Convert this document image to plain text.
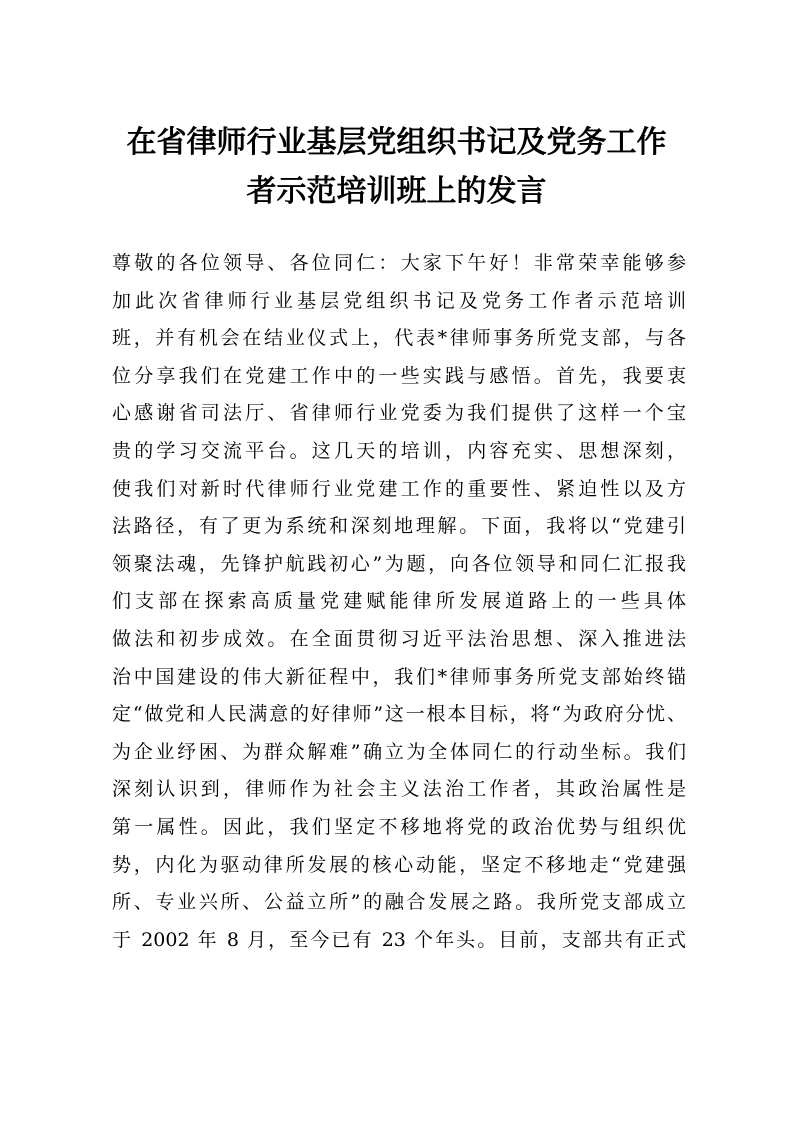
在省律师行业基层党组织书记及党务工作
者示范培训班上的发言
尊敬的各位领导、各位同仁：大家下午好！非常荣幸能够参
加此次省律师行业基层党组织书记及党务工作者示范培训
班，并有机会在结业仪式上，代表*律师事务所党支部，与各
位分享我们在党建工作中的一些实践与感悟。首先，我要衷
心感谢省司法厅、省律师行业党委为我们提供了这样一个宝
贵的学习交流平台。这几天的培训，内容充实、思想深刻，
使我们对新时代律师行业党建工作的重要性、紧迫性以及方
法路径，有了更为系统和深刻地理解。下面，我将以“党建引
领聚法魂，先锋护航践初心”为题，向各位领导和同仁汇报我
们支部在探索高质量党建赋能律所发展道路上的一些具体
做法和初步成效。在全面贯彻习近平法治思想、深入推进法
治中国建设的伟大新征程中，我们*律师事务所党支部始终锚
定“做党和人民满意的好律师”这一根本目标，将“为政府分忧、
为企业纾困、为群众解难”确立为全体同仁的行动坐标。我们
深刻认识到，律师作为社会主义法治工作者，其政治属性是
第一属性。因此，我们坚定不移地将党的政治优势与组织优
势，内化为驱动律所发展的核心动能，坚定不移地走“党建强
所、专业兴所、公益立所”的融合发展之路。我所党支部成立
于 2002 年 8 月，至今已有 23 个年头。目前，支部共有正式
